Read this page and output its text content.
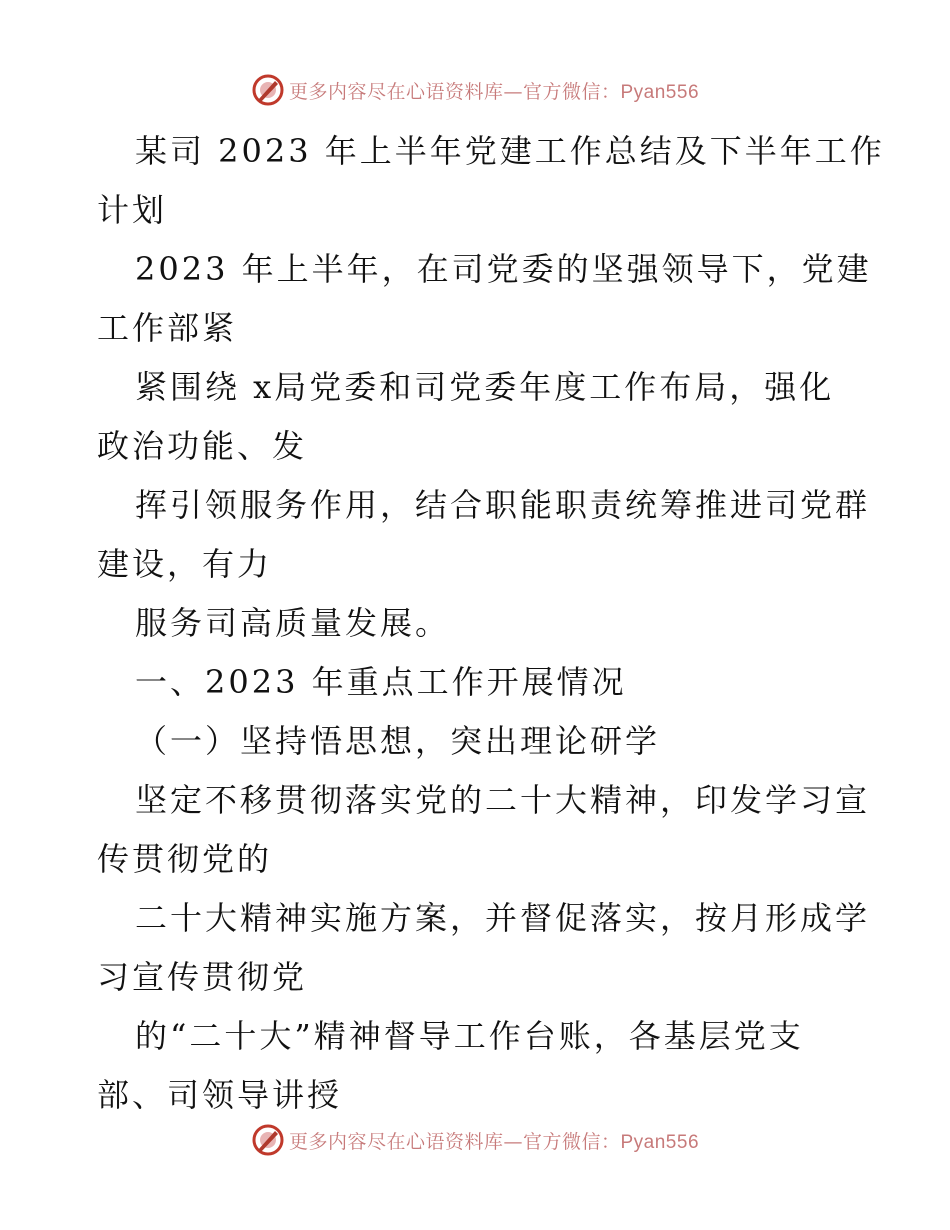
更多内容尽在心语资料库—官方微信：Pyan556

某司 2023 年上半年党建工作总结及下半年工作

计划

2023 年上半年，在司党委的坚强领导下，党建

工作部紧

紧围绕 x局党委和司党委年度工作布局，强化

政治功能、发

挥引领服务作用，结合职能职责统筹推进司党群

建设，有力

服务司高质量发展。

一、2023 年重点工作开展情况

（一）坚持悟思想，突出理论研学

坚定不移贯彻落实党的二十大精神，印发学习宣

传贯彻党的

二十大精神实施方案，并督促落实，按月形成学

习宣传贯彻党

的“二十大”精神督导工作台账，各基层党支

部、司领导讲授

更多内容尽在心语资料库—官方微信：Pyan556
